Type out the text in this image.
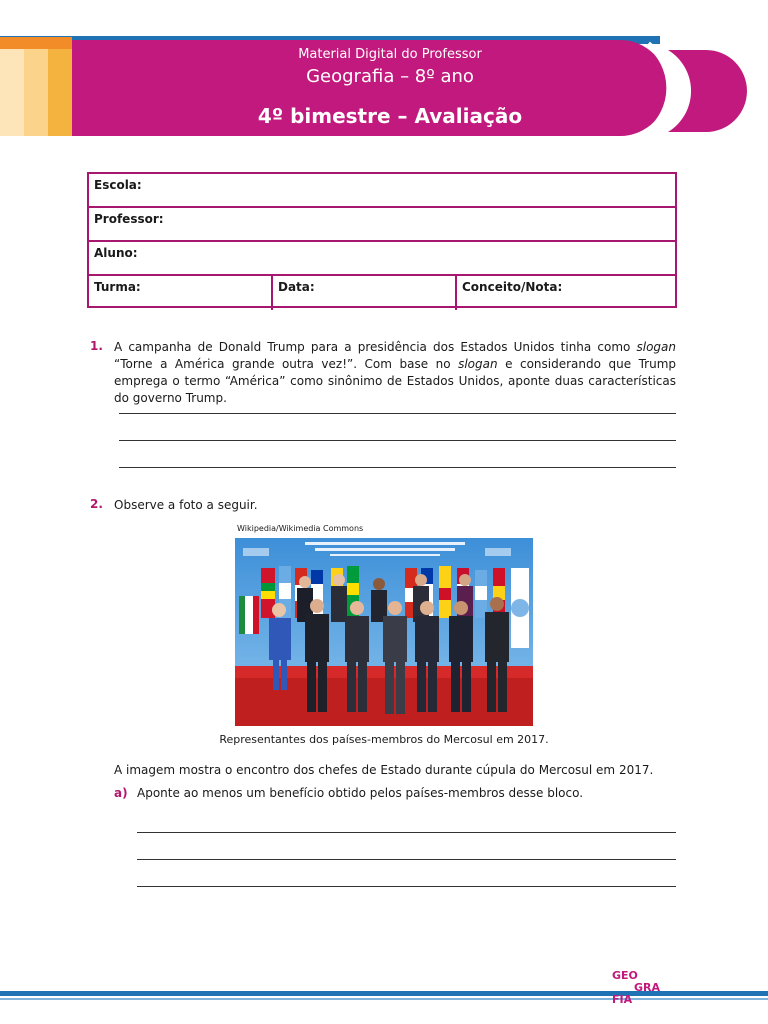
Material Digital do Professor
Geografia – 8º ano
4º bimestre – Avaliação
Escola:
Professor:
Aluno:
Turma:	Data:	Conceito/Nota:
1. A campanha de Donald Trump para a presidência dos Estados Unidos tinha como slogan “Torne a América grande outra vez!”. Com base no slogan e considerando que Trump emprega o termo “América” como sinônimo de Estados Unidos, aponte duas características do governo Trump.
2. Observe a foto a seguir.
Wikipedia/Wikimedia Commons
Representantes dos países-membros do Mercosul em 2017.
A imagem mostra o encontro dos chefes de Estado durante cúpula do Mercosul em 2017.
a) Aponte ao menos um benefício obtido pelos países-membros desse bloco.
GEO
GRA
FIA
